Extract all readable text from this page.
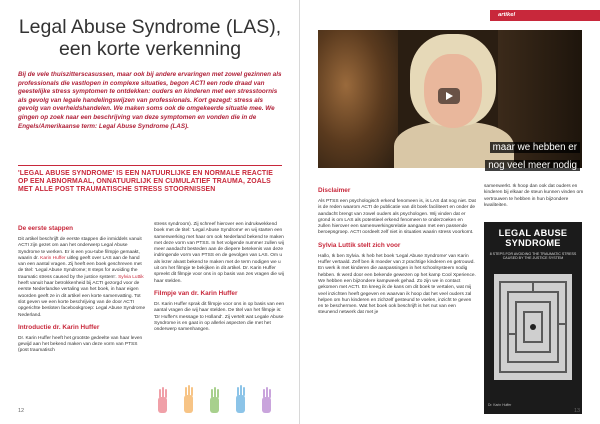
Legal Abuse Syndrome (LAS), een korte verkenning
Bij de vele thuiszitterscasussen, maar ook bij andere ervaringen met zowel gezinnen als professionals die vastlopen in complexe situaties, begon ACTI een rode draad van geestelijke stress symptomen te ontdekken: ouders en kinderen met een stresstoornis als gevolg van legale handelingswijzen van professionals. Kort gezegd: stress als gevolg van overheidshandelen. We maken soms ook de omgekeerde situatie mee. We gingen op zoek naar een beschrijving van deze symptomen en vonden die in de Engels/Amerikaanse term: Legal Abuse Syndrome (LAS).
'LEGAL ABUSE SYNDROME' IS EEN NATUURLIJKE EN NORMALE REACTIE OP EEN ABNORMAAL, ONNATUURLIJK EN CUMULATIEF TRAUMA, ZOALS MET ALLE POST TRAUMATISCHE STRESS STOORNISSEN
De eerste stappen

Dit artikel beschrijft de eerste stappen die inmiddels vanuit ACTI zijn gezet om aan het onderwerp Legal Abuse Syndrome te werken. Er is een you-tube filmpje gemaakt, waarin dr. Karin Huffer uitleg geeft over LAS aan de hand van een aantal vragen. Zij heeft een boek geschreven met de titel: 'Legal Abuse Syndrome; 8 steps for avoiding the traumatic stress caused by the justice system'. Sylvia Luttik heeft vanuit haar betrokkenheid bij ACTI gezorgd voor de eerste Nederlandse vertaling van het boek, in haar eigen woorden geeft ze in dit artikel een korte samenvatting. Tot slot geven we een korte beschrijving van de door ACTI opgerichte besloten facebookgroep: Legal Abuse Syndrome Nederland.

Introductie dr. Karin Huffer

Dr. Karin Huffer heeft het grootste gedeelte van haar leven gewijd aan het bekend maken van deze vorm van PTSS (post traumatisch

stress syndroom). Zij schreef hierover een indrukwekkend boek met de titel: 'Legal Abuse Syndrome' en wij starten een samenwerking met haar om ook Nederland bekend te maken met deze vorm van PTSS. In het volgende nummer zullen wij meer aandacht besteden aan de diepere betekenis van deze indringende vorm van PTSS en de gevolgen van LAS. Om u als lezer alvast bekend te maken met de term nodigen we u uit om het filmpje te bekijken in dit artikel. Dr. Karin Huffer spreekt dit filmpje voor ons in op basis van zes vragen die wij haar stelden.

Filmpje van dr. Karin Huffer

Dr. Karin Huffer sprak dit filmpje voor ons in op basis van een aantal vragen die wij haar stelden. De titel van het filmpje is: 'Dr Huffer's message to Holland'. Zij vertelt wat Legale Abuse Syndrome is en gaat in op allerlei aspecten die met het onderwerp samenhangen.

12
artikel
maar we hebben er
nog veel meer nodig
Disclaimer

Als PTSS een psychologisch erkend fenomeen is, is LAS dat nog niet. Dat is de reden waarom ACTI de publicatie van dit boek faciliteert en onder de aandacht brengt van zowel ouders als psychologen. Wij vinden dat er grond is om LAS als potentieel erkend fenomeen te onderzoeken en zullen hierover een samenwerkingsrelatie aangaan met een passende beroepsgroep. ACTI oordeelt zelf niet in situaties waarin stress voorkomt.

Sylvia Luttik stelt zich voor

Hallo, Ik ben Sylvia. Ik heb het boek 'Legal Abuse Syndrome' van Karin Huffer vertaald. Zelf ben ik moeder van 2 prachtige kinderen en getrouwd. En werk ik met kinderen die aanpassingen in het schoolsysteem nodig hebben. Ik werd door een bekende gewezen op het kamp Cool Xperience. We hebben een bijzondere kampweek gehad. Zo zijn we in contact gekomen met ACTI. En kreeg ik de kans om dit boek te vertalen, wat mij veel inzichten heeft gegeven en waarvan ik hoop dat het veel ouders zal helpen om hun kinderen en zichzelf gesteund te voelen, inzicht te geven en te beschermen. Wat het boek ook beschrijft is het nut van een steunend netwerk dat met je

samenwerkt. Ik hoop dan ook dat ouders en kinderen bij elkaar de steun kunnen vinden om vertrouwen te hebben in hun bijzondere kwaliteiten.

LEGAL ABUSE SYNDROME
8 STEPS FOR AVOIDING THE TRAUMATIC STRESS CAUSED BY THE JUSTICE SYSTEM
Dr. Karin Huffer
13
